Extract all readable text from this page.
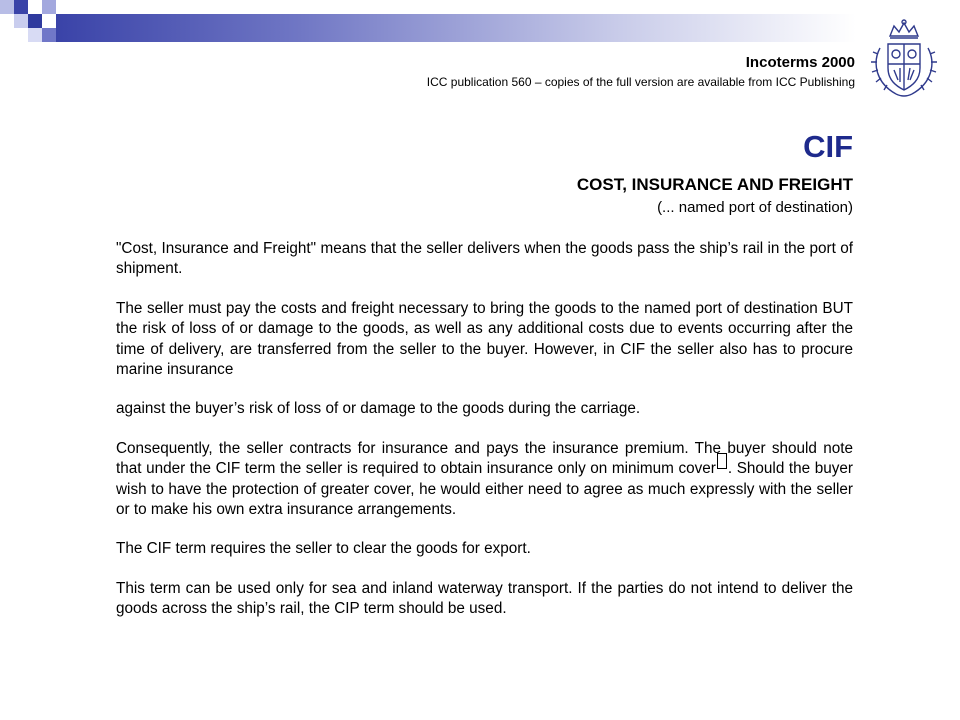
Incoterms 2000
ICC publication 560 – copies of the full version are available from ICC Publishing
CIF
COST, INSURANCE AND FREIGHT
(... named port of destination)

"Cost, Insurance and Freight" means that the seller delivers when the goods pass the ship’s rail in the port of shipment.

The seller must pay the costs and freight necessary to bring the goods to the named port of destination BUT the risk of loss of or damage to the goods, as well as any additional costs due to events occurring after the time of delivery, are transferred from the seller to the buyer. However, in CIF the seller also has to procure marine insurance

against the buyer’s risk of loss of or damage to the goods during the carriage.

Consequently, the seller contracts for insurance and pays the insurance premium. The buyer should note that under the CIF term the seller is required to obtain insurance only on minimum cover . Should the buyer wish to have the protection of greater cover, he would either need to agree as much expressly with the seller or to make his own extra insurance arrangements.

The CIF term requires the seller to clear the goods for export.

This term can be used only for sea and inland waterway transport. If the parties do not intend to deliver the goods across the ship’s rail, the CIP term should be used.
